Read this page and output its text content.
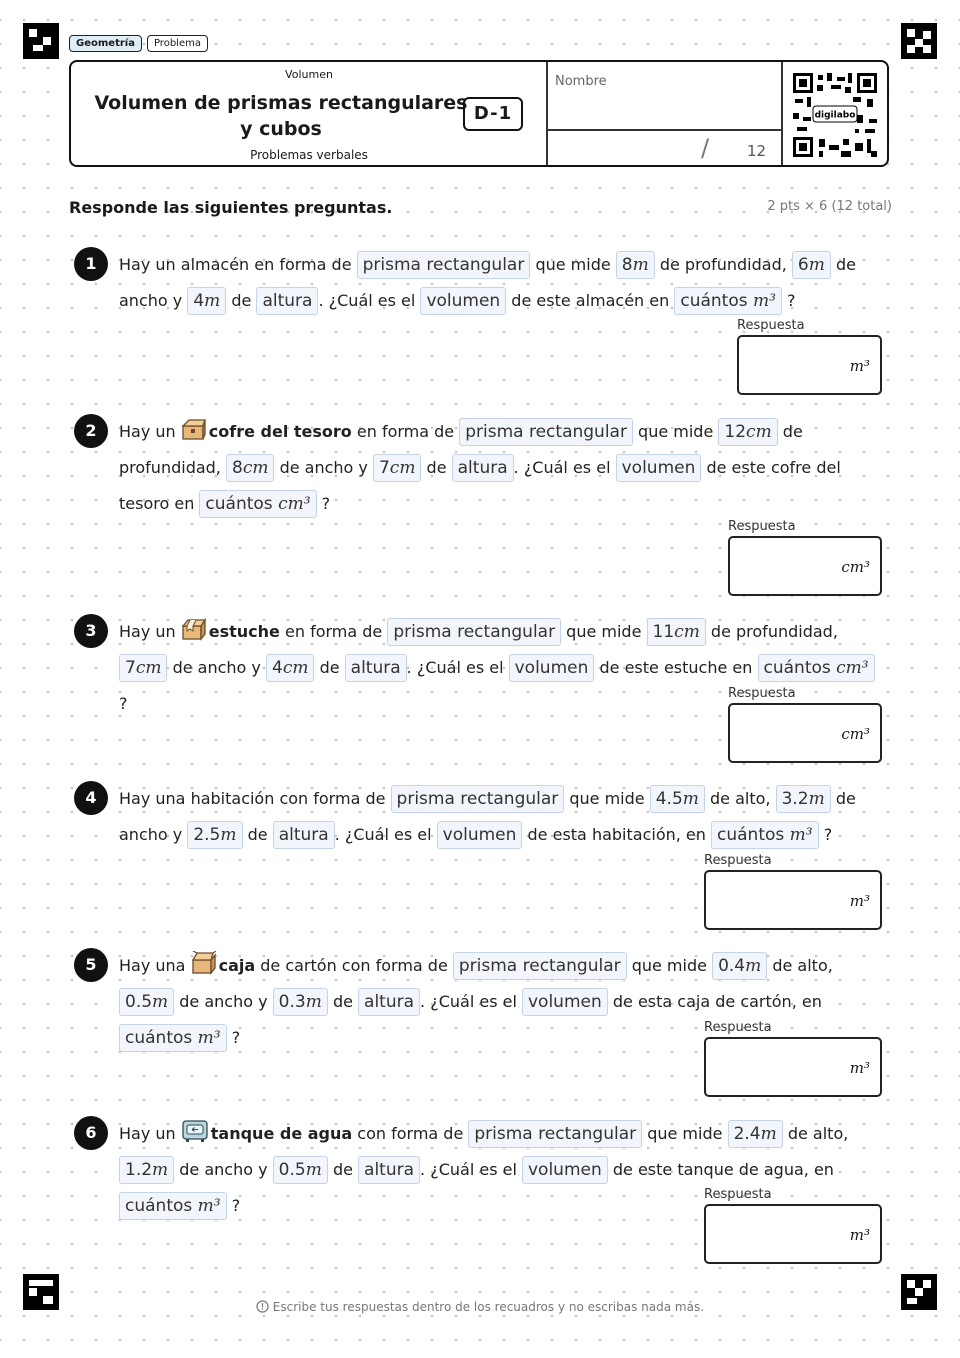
Geometría	Problema
Volumen
Volumen de prismas rectangulares
y cubos
D-1
Problemas verbales
Nombre
/	12
digilabo
Responde las siguientes preguntas.	2 pts × 6 (12 total)
1	Hay un almacén en forma de prisma rectangular que mide 8m de profundidad, 6m de ancho y 4m de altura . ¿Cuál es el volumen de este almacén en cuántos m³ ?
Respuesta
m³
2	Hay un cofre del tesoro en forma de prisma rectangular que mide 12cm de profundidad, 8cm de ancho y 7cm de altura . ¿Cuál es el volumen de este cofre del tesoro en cuántos cm³ ?
Respuesta
cm³
3	Hay un estuche en forma de prisma rectangular que mide 11cm de profundidad, 7cm de ancho y 4cm de altura . ¿Cuál es el volumen de este estuche en cuántos cm³ ?
Respuesta
cm³
4	Hay una habitación con forma de prisma rectangular que mide 4.5m de alto, 3.2m de ancho y 2.5m de altura . ¿Cuál es el volumen de esta habitación, en cuántos m³ ?
Respuesta
m³
5	Hay una caja de cartón con forma de prisma rectangular que mide 0.4m de alto, 0.5m de ancho y 0.3m de altura . ¿Cuál es el volumen de esta caja de cartón, en cuántos m³ ?
Respuesta
m³
6	Hay un tanque de agua con forma de prisma rectangular que mide 2.4m de alto, 1.2m de ancho y 0.5m de altura . ¿Cuál es el volumen de este tanque de agua, en cuántos m³ ?
Respuesta
m³
Escribe tus respuestas dentro de los recuadros y no escribas nada más.
